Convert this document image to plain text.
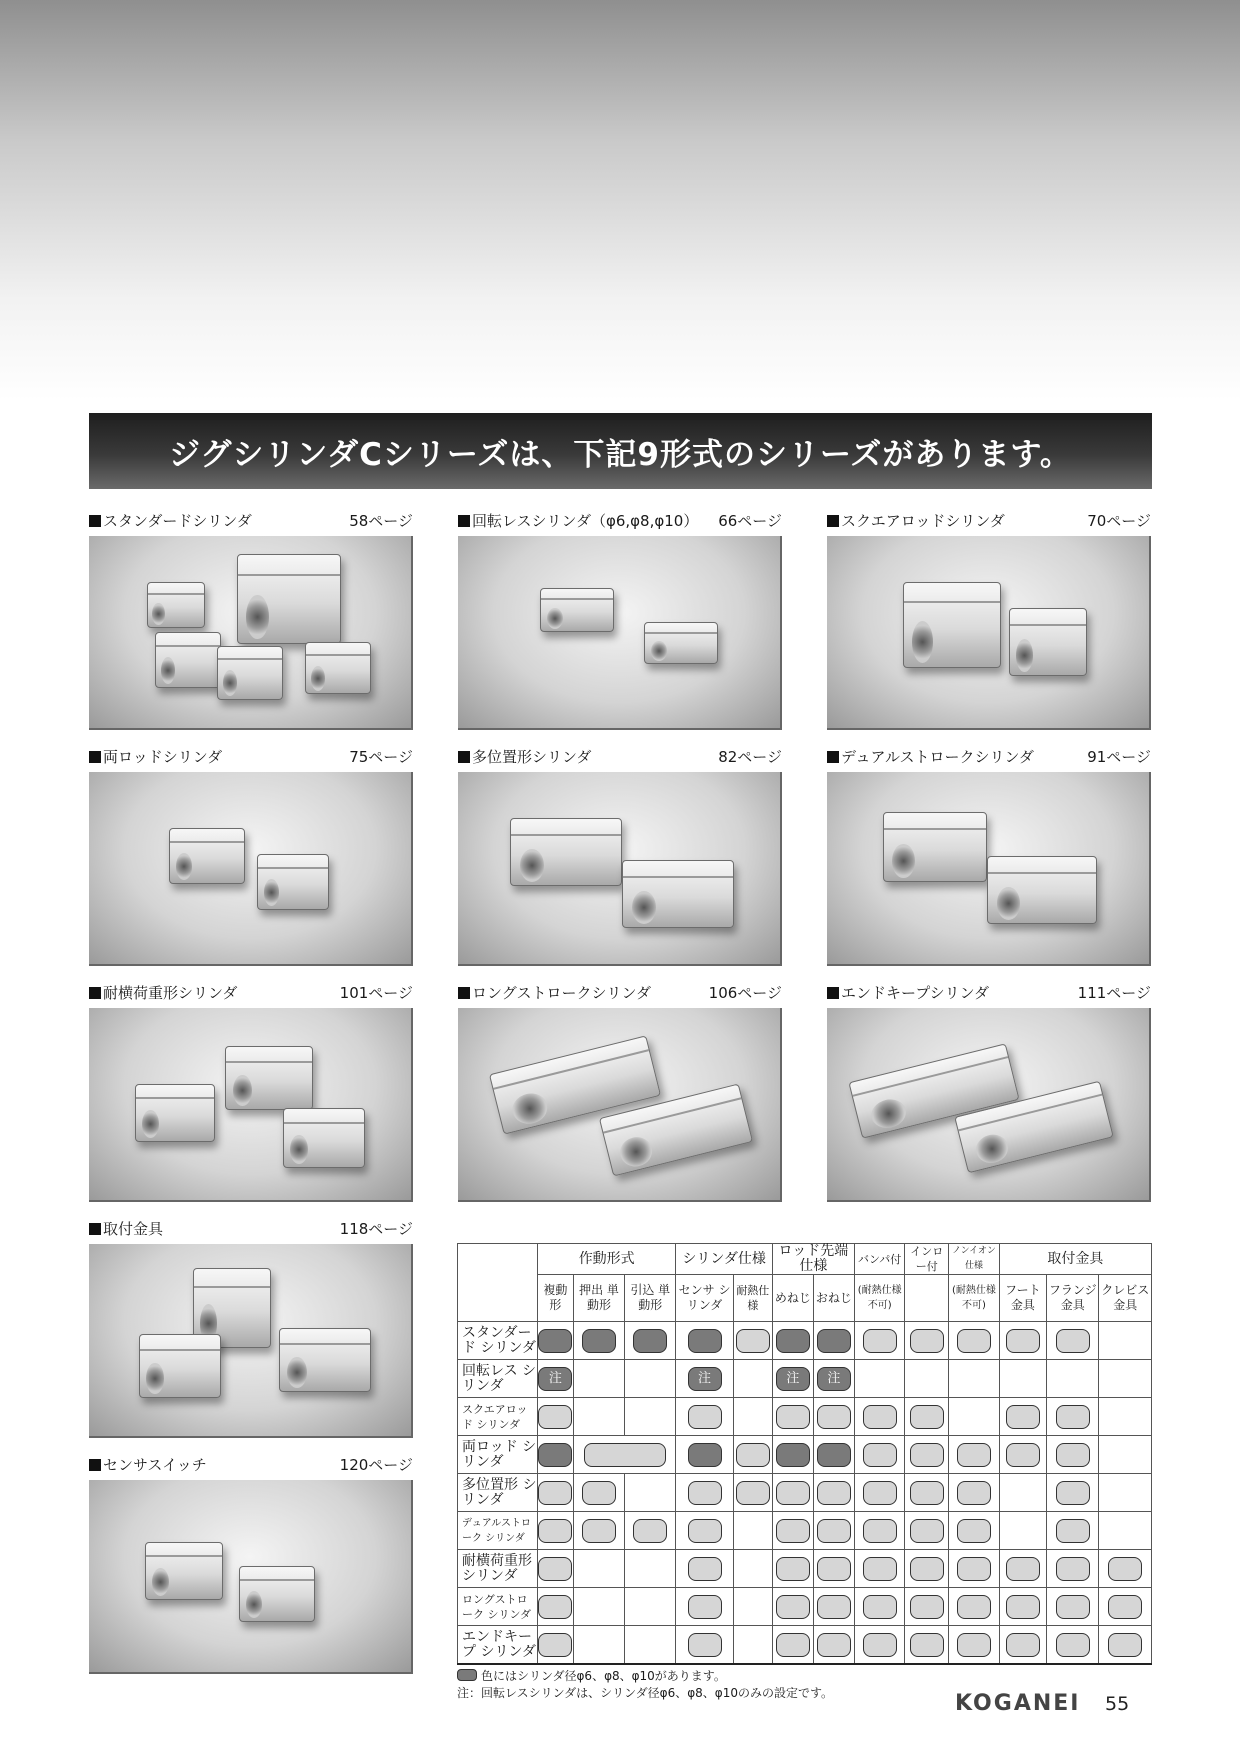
ジグシリンダCシリーズは、下記9形式のシリーズがあります。
スタンダードシリンダ	58ページ	回転レスシリンダ（φ6,φ8,φ10） 66ページ	スクエアロッドシリンダ	70ページ
両ロッドシリンダ	75ページ	多位置形シリンダ	82ページ	デュアルストロークシリンダ	91ページ
耐横荷重形シリンダ	101ページ	ロングストロークシリンダ	106ページ	エンドキープシリンダ	111ページ
取付金具	118ページ
センサスイッチ	120ページ
	作動形式			シリンダ仕様		ロッド先端仕様		バンパ付	インロー付	ノンイオン仕様	取付金具		
	複動形	押出 単動形	引込 単動形	センサ シリンダ	耐熱仕様	めねじ	おねじ	(耐熱仕様 不可)		(耐熱仕様 不可)	フート 金具	フランジ 金具	クレビス 金具
スタンダード シリンダ													
回転レス シリンダ	注			注		注	注						
スクエアロッド シリンダ													
両ロッド シリンダ													
多位置形 シリンダ													
デュアルストローク シリンダ													
耐横荷重形 シリンダ													
ロングストローク シリンダ													
エンドキープ シリンダ													
色にはシリンダ径φ6、φ8、φ10があります。
注：回転レスシリンダは、シリンダ径φ6、φ8、φ10のみの設定です。	KOGANEI 55
